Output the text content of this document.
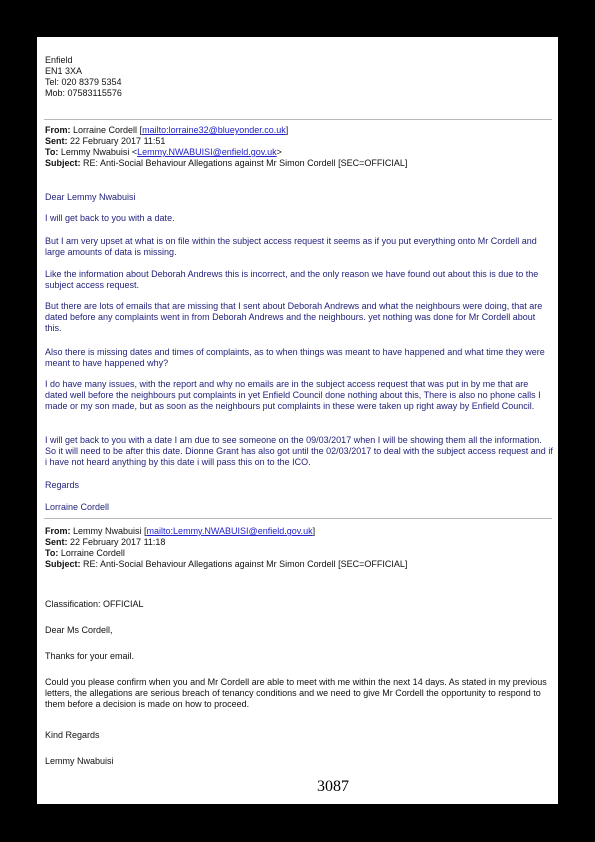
Enfield
EN1 3XA
Tel: 020 8379 5354
Mob: 07583115576
From: Lorraine Cordell [mailto:lorraine32@blueyonder.co.uk]
Sent: 22 February 2017 11:51
To: Lemmy Nwabuisi <Lemmy.NWABUISI@enfield.gov.uk>
Subject: RE: Anti-Social Behaviour Allegations against Mr Simon Cordell [SEC=OFFICIAL]
Dear Lemmy Nwabuisi
I will get back to you with a date.
But I am very upset at what is on file within the subject access request it seems as if you put everything onto Mr Cordell and large amounts of data is missing.
Like the information about Deborah Andrews this is incorrect, and the only reason we have found out about this is due to the subject access request.
But there are lots of emails that are missing that I sent about Deborah Andrews and what the neighbours were doing, that are dated before any complaints went in from Deborah Andrews and the neighbours. yet nothing was done for Mr Cordell about this.
Also there is missing dates and times of complaints, as to when things was meant to have happened and what time they were meant to have happened why?
I do have many issues, with the report and why no emails are in the subject access request that was put in by me that are dated well before the neighbours put complaints in yet Enfield Council done nothing about this, There is also no phone calls I made or my son made, but as soon as the neighbours put complaints in these were taken up right away by Enfield Council.
I will get back to you with a date I am due to see someone on the 09/03/2017 when I will be showing them all the information. So it will need to be after this date. Dionne Grant has also got until the 02/03/2017 to deal with the subject access request and if i have not heard anything by this date i will pass this on to the ICO.
Regards
Lorraine Cordell
From: Lemmy Nwabuisi [mailto:Lemmy.NWABUISI@enfield.gov.uk]
Sent: 22 February 2017 11:18
To: Lorraine Cordell
Subject: RE: Anti-Social Behaviour Allegations against Mr Simon Cordell [SEC=OFFICIAL]
Classification: OFFICIAL
Dear Ms Cordell,
Thanks for your email.
Could you please confirm when you and Mr Cordell are able to meet with me within the next 14 days. As stated in my previous letters, the allegations are serious breach of tenancy conditions and we need to give Mr Cordell the opportunity to respond to them before a decision is made on how to proceed.
Kind Regards
Lemmy Nwabuisi
3087
